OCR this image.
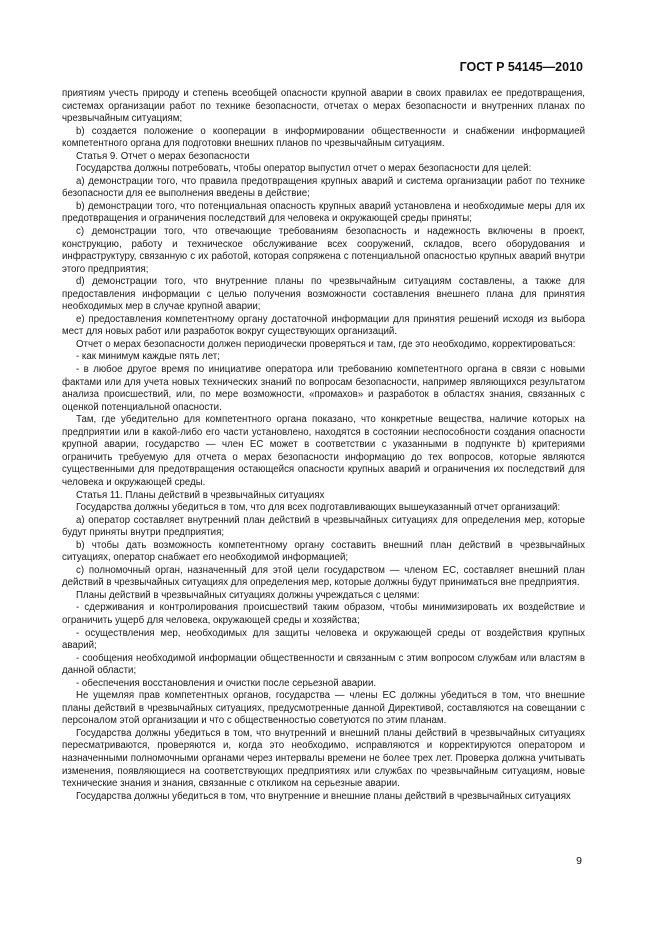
ГОСТ Р 54145—2010

приятиям учесть природу и степень всеобщей опасности крупной аварии в своих правилах ее предотвращения, системах организации работ по технике безопасности, отчетах о мерах безопасности и внутренних планах по чрезвычайным ситуациям;

b) создается положение о кооперации в информировании общественности и снабжении информацией компетентного органа для подготовки внешних планов по чрезвычайным ситуациям.

Статья 9. Отчет о мерах безопасности

Государства должны потребовать, чтобы оператор выпустил отчет о мерах безопасности для целей:

a) демонстрации того, что правила предотвращения крупных аварий и система организации работ по технике безопасности для ее выполнения введены в действие;

b) демонстрации того, что потенциальная опасность крупных аварий установлена и необходимые меры для их предотвращения и ограничения последствий для человека и окружающей среды приняты;

c) демонстрации того, что отвечающие требованиям безопасность и надежность включены в проект, конструкцию, работу и техническое обслуживание всех сооружений, складов, всего оборудования и инфраструктуру, связанную с их работой, которая сопряжена с потенциальной опасностью крупных аварий внутри этого предприятия;

d) демонстрации того, что внутренние планы по чрезвычайным ситуациям составлены, а также для предоставления информации с целью получения возможности составления внешнего плана для принятия необходимых мер в случае крупной аварии;

e) предоставления компетентному органу достаточной информации для принятия решений исходя из выбора мест для новых работ или разработок вокруг существующих организаций.

Отчет о мерах безопасности должен периодически проверяться и там, где это необходимо, корректироваться:

- как минимум каждые пять лет;

- в любое другое время по инициативе оператора или требованию компетентного органа в связи с новыми фактами или для учета новых технических знаний по вопросам безопасности, например являющихся результатом анализа происшествий, или, по мере возможности, «промахов» и разработок в областях знания, связанных с оценкой потенциальной опасности.

Там, где убедительно для компетентного органа показано, что конкретные вещества, наличие которых на предприятии или в какой-либо его части установлено, находятся в состоянии неспособности создания опасности крупной аварии, государство — член ЕС может в соответствии с указанными в подпункте b) критериями ограничить требуемую для отчета о мерах безопасности информацию до тех вопросов, которые являются существенными для предотвращения остающейся опасности крупных аварий и ограничения их последствий для человека и окружающей среды.

Статья 11. Планы действий в чрезвычайных ситуациях

Государства должны убедиться в том, что для всех подготавливающих вышеуказанный отчет организаций:

a) оператор составляет внутренний план действий в чрезвычайных ситуациях для определения мер, которые будут приняты внутри предприятия;

b) чтобы дать возможность компетентному органу составить внешний план действий в чрезвычайных ситуациях, оператор снабжает его необходимой информацией;

c) полномочный орган, назначенный для этой цели государством — членом ЕС, составляет внешний план действий в чрезвычайных ситуациях для определения мер, которые должны будут приниматься вне предприятия.

Планы действий в чрезвычайных ситуациях должны учреждаться с целями:

- сдерживания и контролирования происшествий таким образом, чтобы минимизировать их воздействие и ограничить ущерб для человека, окружающей среды и хозяйства;

- осуществления мер, необходимых для защиты человека и окружающей среды от воздействия крупных аварий;

- сообщения необходимой информации общественности и связанным с этим вопросом службам или властям в данной области;

- обеспечения восстановления и очистки после серьезной аварии.

Не ущемляя прав компетентных органов, государства — члены ЕС должны убедиться в том, что внешние планы действий в чрезвычайных ситуациях, предусмотренные данной Директивой, составляются на совещании с персоналом этой организации и что с общественностью советуются по этим планам.

Государства должны убедиться в том, что внутренний и внешний планы действий в чрезвычайных ситуациях пересматриваются, проверяются и, когда это необходимо, исправляются и корректируются оператором и назначенными полномочными органами через интервалы времени не более трех лет. Проверка должна учитывать изменения, появляющиеся на соответствующих предприятиях или службах по чрезвычайным ситуациям, новые технические знания и знания, связанные с откликом на серьезные аварии.

Государства должны убедиться в том, что внутренние и внешние планы действий в чрезвычайных ситуациях

9
